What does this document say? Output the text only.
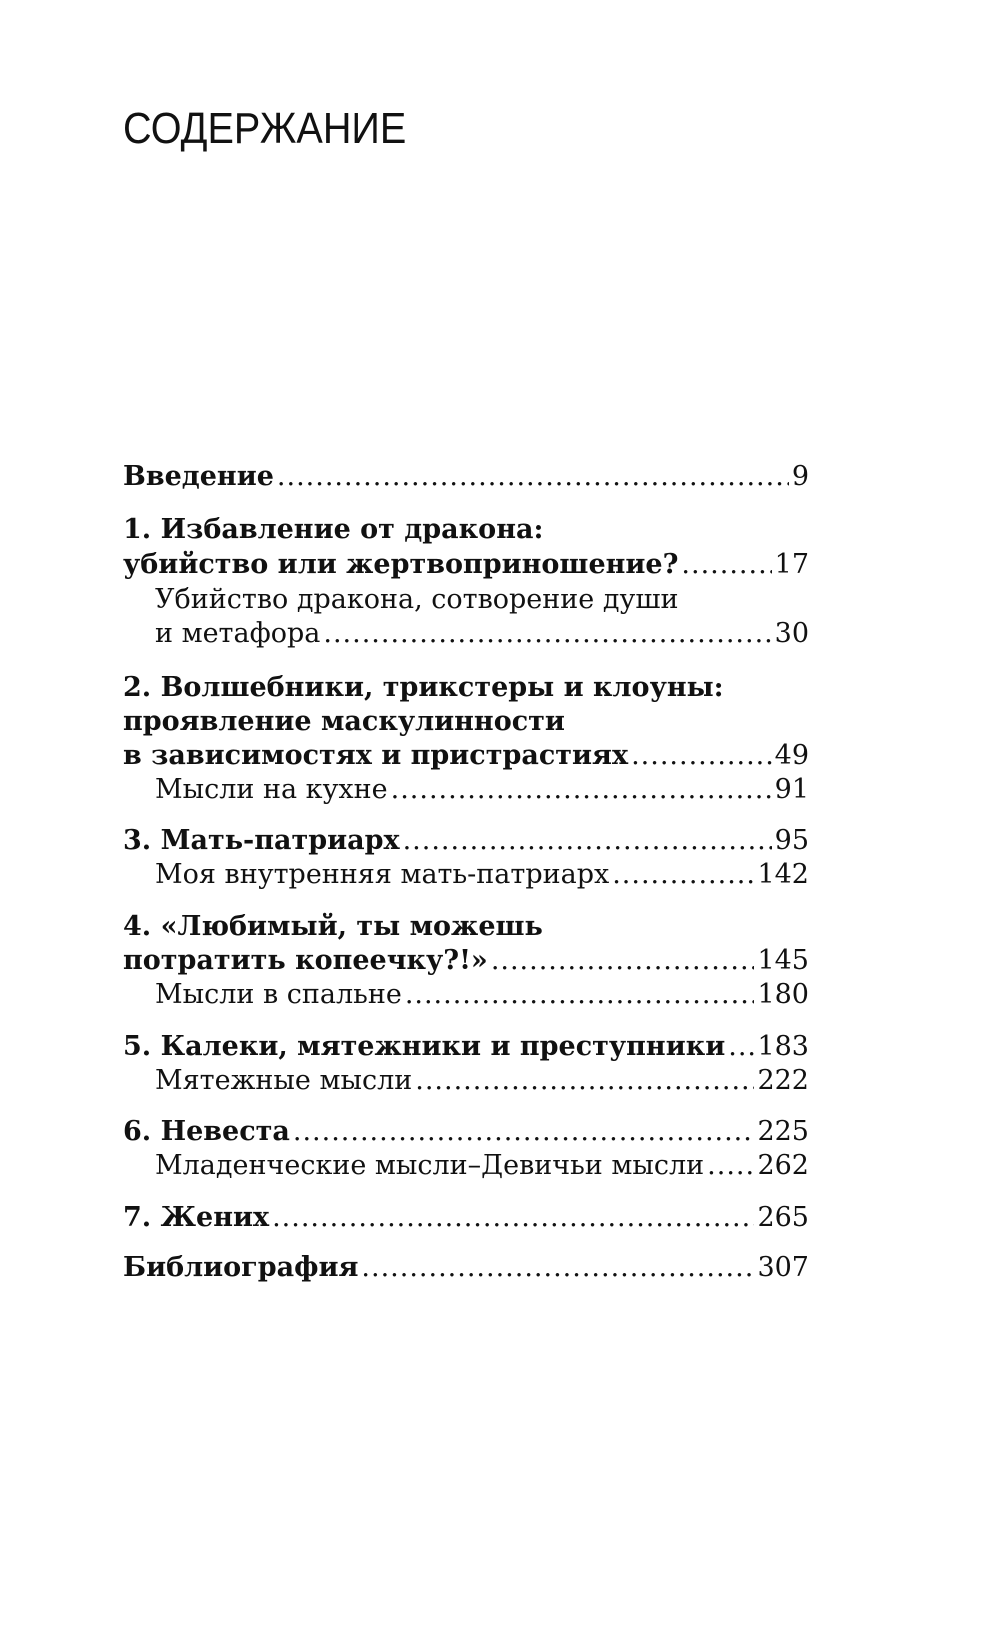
СОДЕРЖАНИЕ
Введение .....	9
1. Избавление от дракона:
убийство или жертвоприношение? .....	17
Убийство дракона, сотворение души
и метафора .....	30
2. Волшебники, трикстеры и клоуны:
проявление маскулинности
в зависимостях и пристрастиях .....	49
Мысли на кухне .....	91
3. Мать-патриарх .....	95
Моя внутренняя мать-патриарх .....	142
4. «Любимый, ты можешь
потратить копеечку?!» .....	145
Мысли в спальне .....	180
5. Калеки, мятежники и преступники ..... 183
Мятежные мысли .....	222
6. Невеста .....	225
Младенческие мысли–Девичьи мысли ..... 262
7. Жених .....	265
Библиография .....	307
